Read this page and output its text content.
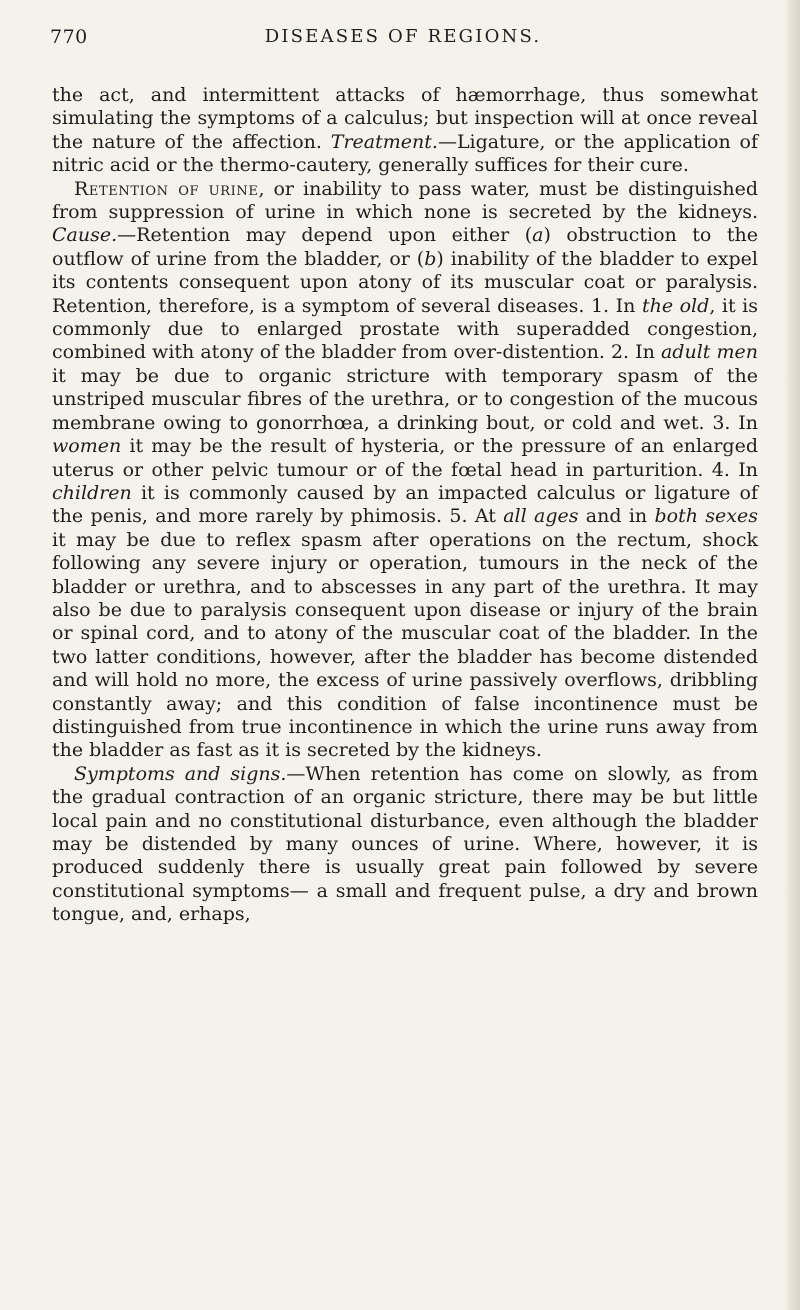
770	DISEASES OF REGIONS.

the act, and intermittent attacks of hæmorrhage, thus somewhat simulating the symptoms of a calculus; but inspection will at once reveal the nature of the affection. Treatment.—Ligature, or the application of nitric acid or the thermo-cautery, generally suffices for their cure.

Retention of urine, or inability to pass water, must be distinguished from suppression of urine in which none is secreted by the kidneys. Cause.—Retention may depend upon either (a) obstruction to the outflow of urine from the bladder, or (b) inability of the bladder to expel its contents consequent upon atony of its muscular coat or paralysis. Retention, therefore, is a symptom of several diseases. 1. In the old, it is commonly due to enlarged prostate with superadded congestion, combined with atony of the bladder from over-distention. 2. In adult men it may be due to organic stricture with temporary spasm of the unstriped muscular fibres of the urethra, or to congestion of the mucous membrane owing to gonorrhœa, a drinking bout, or cold and wet. 3. In women it may be the result of hysteria, or the pressure of an enlarged uterus or other pelvic tumour or of the fœtal head in parturition. 4. In children it is commonly caused by an impacted calculus or ligature of the penis, and more rarely by phimosis. 5. At all ages and in both sexes it may be due to reflex spasm after operations on the rectum, shock following any severe injury or operation, tumours in the neck of the bladder or urethra, and to abscesses in any part of the urethra. It may also be due to paralysis consequent upon disease or injury of the brain or spinal cord, and to atony of the muscular coat of the bladder. In the two latter conditions, however, after the bladder has become distended and will hold no more, the excess of urine passively overflows, dribbling constantly away; and this condition of false incontinence must be distinguished from true incontinence in which the urine runs away from the bladder as fast as it is secreted by the kidneys.

Symptoms and signs.—When retention has come on slowly, as from the gradual contraction of an organic stricture, there may be but little local pain and no constitutional disturbance, even although the bladder may be distended by many ounces of urine. Where, however, it is produced suddenly there is usually great pain followed by severe constitutional symptoms— a small and frequent pulse, a dry and brown tongue, and, erhaps,
